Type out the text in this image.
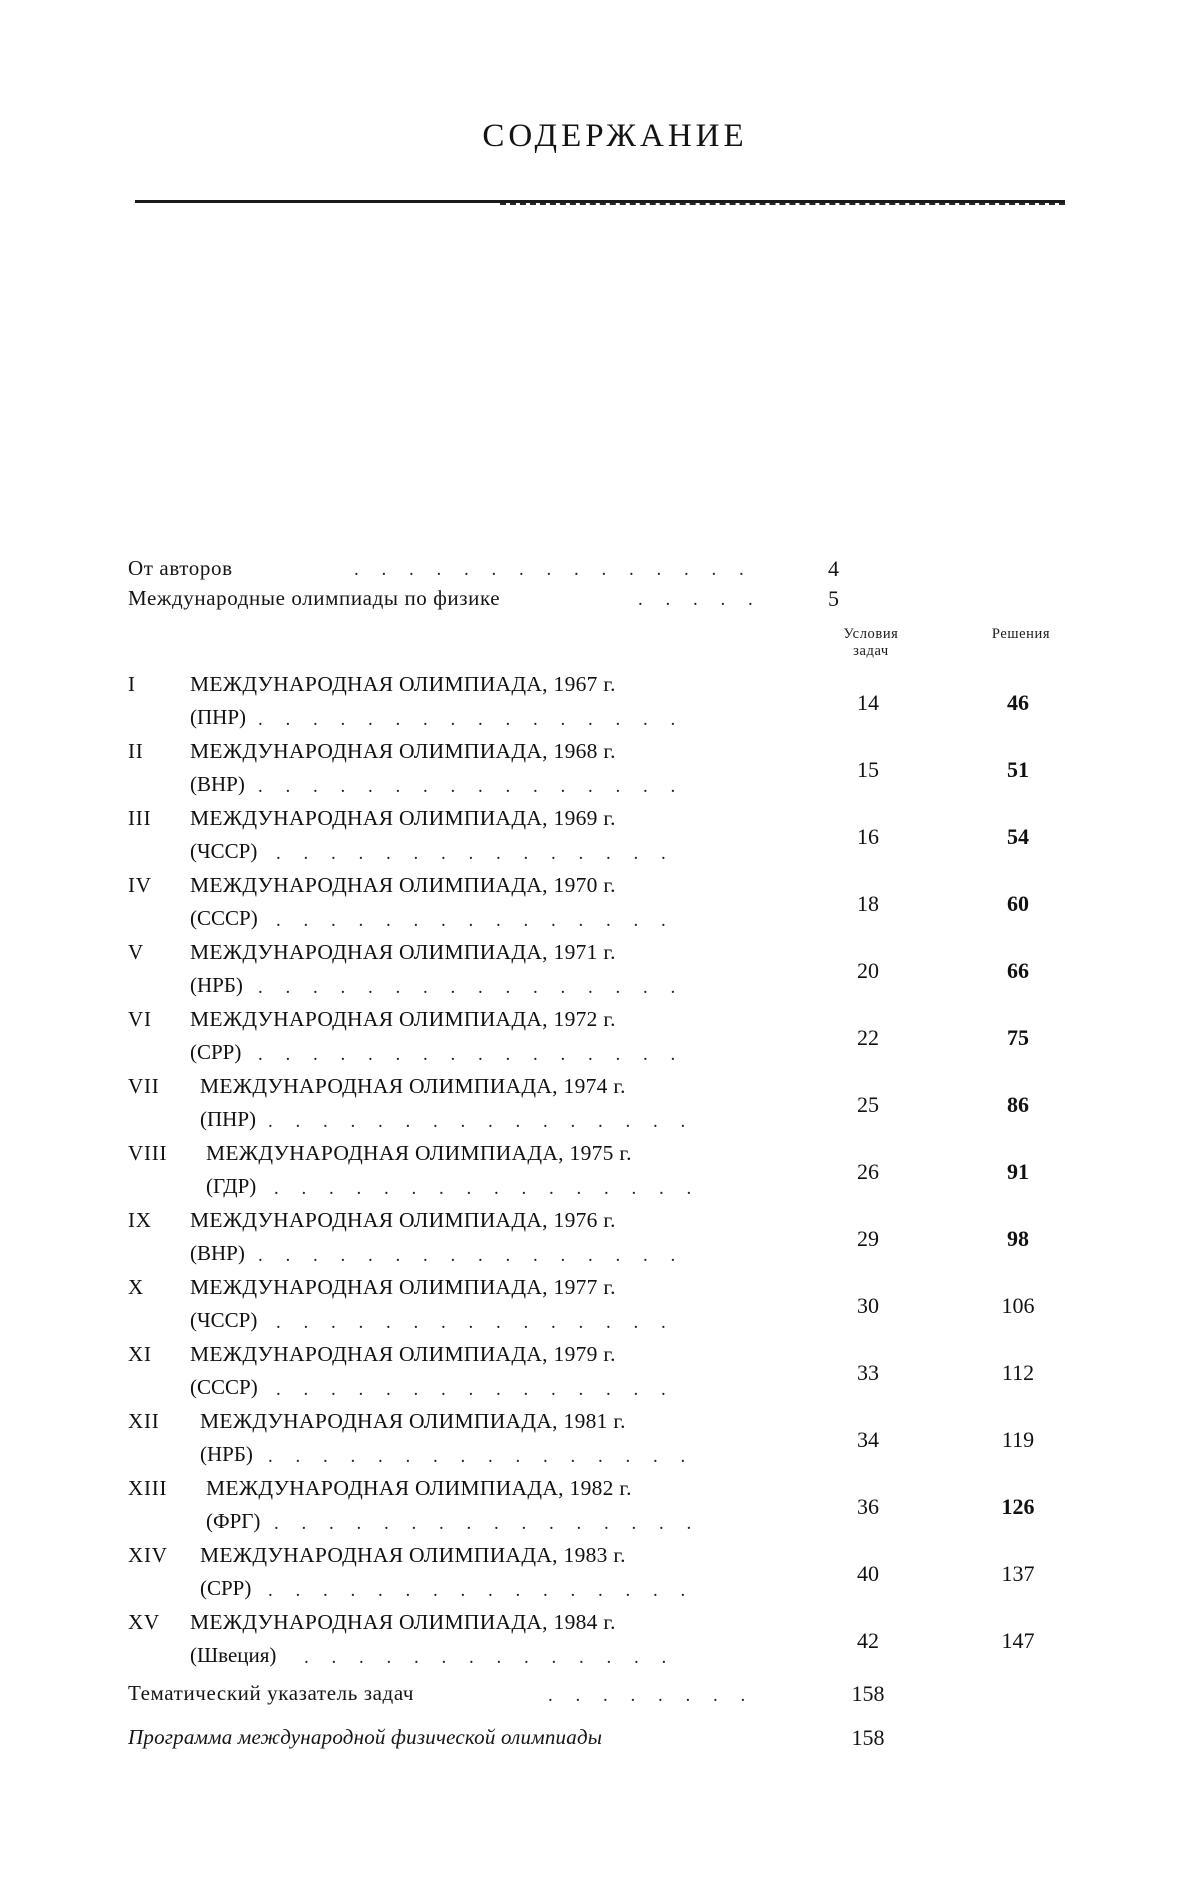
СОДЕРЖАНИЕ
От авторов	. . . . . . . . . . . . . . .	4
Международные олимпиады по физике	. . . . .	5
Условия
задач
Решения
I	МЕЖДУНАРОДНАЯ ОЛИМПИАДА, 1967 г.
(ПНР) . . . . . . . . . . . . . . . .
14	46
II МЕЖДУНАРОДНАЯ ОЛИМПИАДА, 1968 г.
(ВНР) . . . . . . . . . . . . . . . .
15	51
III МЕЖДУНАРОДНАЯ ОЛИМПИАДА, 1969 г.
(ЧССР) . . . . . . . . . . . . . . .
16	54
IV МЕЖДУНАРОДНАЯ ОЛИМПИАДА, 1970 г.
(СССР) . . . . . . . . . . . . . . .
18	60
V МЕЖДУНАРОДНАЯ ОЛИМПИАДА, 1971 г.
(НРБ) . . . . . . . . . . . . . . . .
20	66
VI МЕЖДУНАРОДНАЯ ОЛИМПИАДА, 1972 г.
(СРР) . . . . . . . . . . . . . . . .
22	75
VII МЕЖДУНАРОДНАЯ ОЛИМПИАДА, 1974 г.
(ПНР) . . . . . . . . . . . . . . . .
25	86
VIII МЕЖДУНАРОДНАЯ ОЛИМПИАДА, 1975 г.
(ГДР) . . . . . . . . . . . . . . . .
26	91
IX МЕЖДУНАРОДНАЯ ОЛИМПИАДА, 1976 г.
(ВНР) . . . . . . . . . . . . . . . .
29	98
X МЕЖДУНАРОДНАЯ ОЛИМПИАДА, 1977 г.
(ЧССР) . . . . . . . . . . . . . . .
30	106
XI МЕЖДУНАРОДНАЯ ОЛИМПИАДА, 1979 г.
(СССР) . . . . . . . . . . . . . . .
33	112
XII МЕЖДУНАРОДНАЯ ОЛИМПИАДА, 1981 г.
(НРБ) . . . . . . . . . . . . . . . .
34	119
XIII МЕЖДУНАРОДНАЯ ОЛИМПИАДА, 1982 г.
(ФРГ) . . . . . . . . . . . . . . . .
36	126
XIV МЕЖДУНАРОДНАЯ ОЛИМПИАДА, 1983 г.
(СРР) . . . . . . . . . . . . . . . .
40	137
XV МЕЖДУНАРОДНАЯ ОЛИМПИАДА, 1984 г.
(Швеция) . . . . . . . . . . . . . .
42	147
Тематический указатель задач	. . . . . . . .	158
Программа международной физической олимпиады	158
